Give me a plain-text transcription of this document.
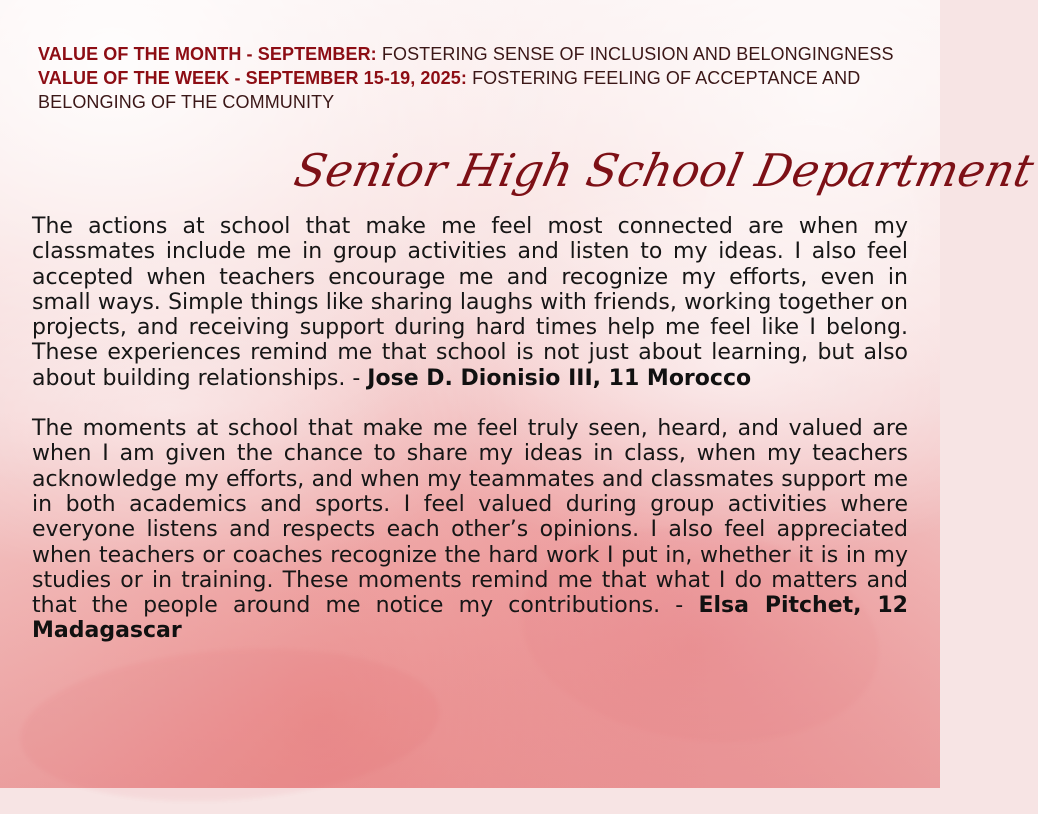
VALUE OF THE MONTH - SEPTEMBER: FOSTERING SENSE OF INCLUSION AND BELONGINGNESS
VALUE OF THE WEEK - SEPTEMBER 15-19, 2025: FOSTERING FEELING OF ACCEPTANCE AND BELONGING OF THE COMMUNITY
Senior High School Department

The actions at school that make me feel most connected are when my classmates include me in group activities and listen to my ideas. I also feel accepted when teachers encourage me and recognize my efforts, even in small ways. Simple things like sharing laughs with friends, working together on projects, and receiving support during hard times help me feel like I belong. These experiences remind me that school is not just about learning, but also about building relationships. - Jose D. Dionisio III, 11 Morocco

The moments at school that make me feel truly seen, heard, and valued are when I am given the chance to share my ideas in class, when my teachers acknowledge my efforts, and when my teammates and classmates support me in both academics and sports. I feel valued during group activities where everyone listens and respects each other’s opinions. I also feel appreciated when teachers or coaches recognize the hard work I put in, whether it is in my studies or in training. These moments remind me that what I do matters and that the people around me notice my contributions. - Elsa Pitchet, 12 Madagascar
